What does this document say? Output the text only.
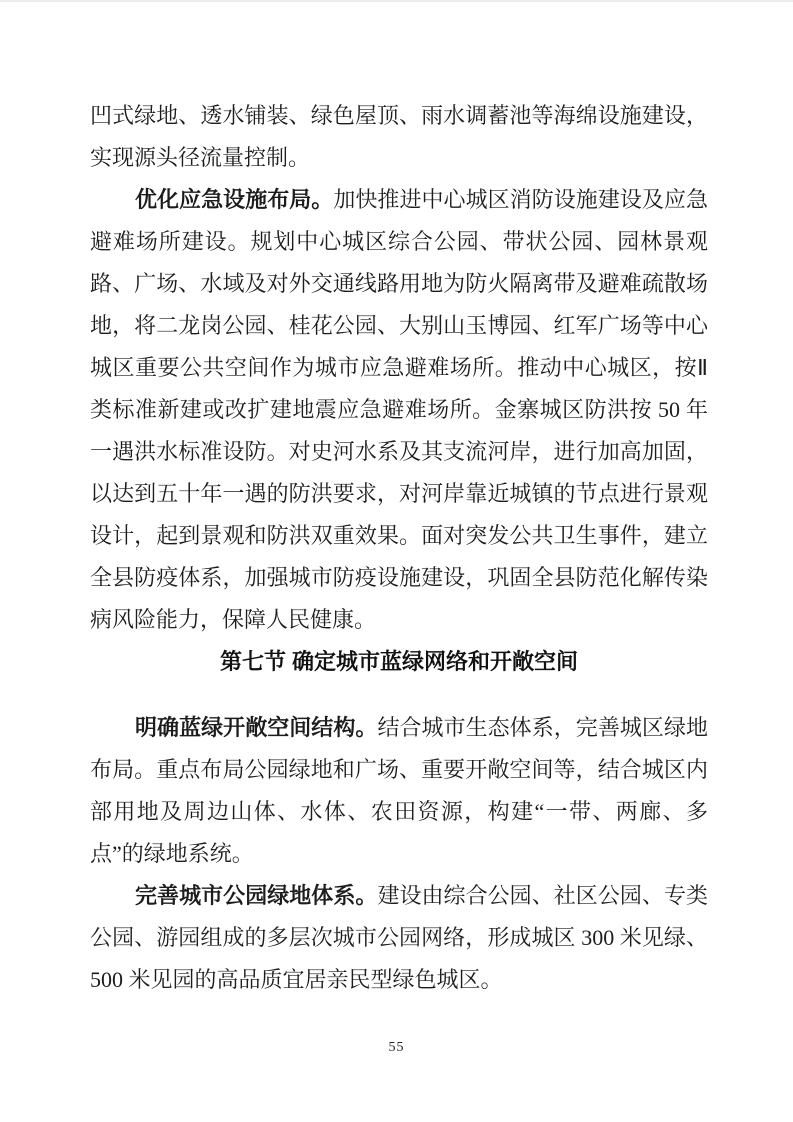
凹式绿地、透水铺装、绿色屋顶、雨水调蓄池等海绵设施建设，
实现源头径流量控制。
优化应急设施布局。加快推进中心城区消防设施建设及应急
避难场所建设。规划中心城区综合公园、带状公园、园林景观
路、广场、水域及对外交通线路用地为防火隔离带及避难疏散场
地，将二龙岗公园、桂花公园、大别山玉博园、红军广场等中心
城区重要公共空间作为城市应急避难场所。推动中心城区，按Ⅱ
类标准新建或改扩建地震应急避难场所。金寨城区防洪按 50 年
一遇洪水标准设防。对史河水系及其支流河岸，进行加高加固，
以达到五十年一遇的防洪要求，对河岸靠近城镇的节点进行景观
设计，起到景观和防洪双重效果。面对突发公共卫生事件，建立
全县防疫体系，加强城市防疫设施建设，巩固全县防范化解传染
病风险能力，保障人民健康。
第七节 确定城市蓝绿网络和开敞空间
明确蓝绿开敞空间结构。结合城市生态体系，完善城区绿地
布局。重点布局公园绿地和广场、重要开敞空间等，结合城区内
部用地及周边山体、水体、农田资源，构建“一带、两廊、多
点”的绿地系统。
完善城市公园绿地体系。建设由综合公园、社区公园、专类
公园、游园组成的多层次城市公园网络，形成城区 300 米见绿、
500 米见园的高品质宜居亲民型绿色城区。
55
